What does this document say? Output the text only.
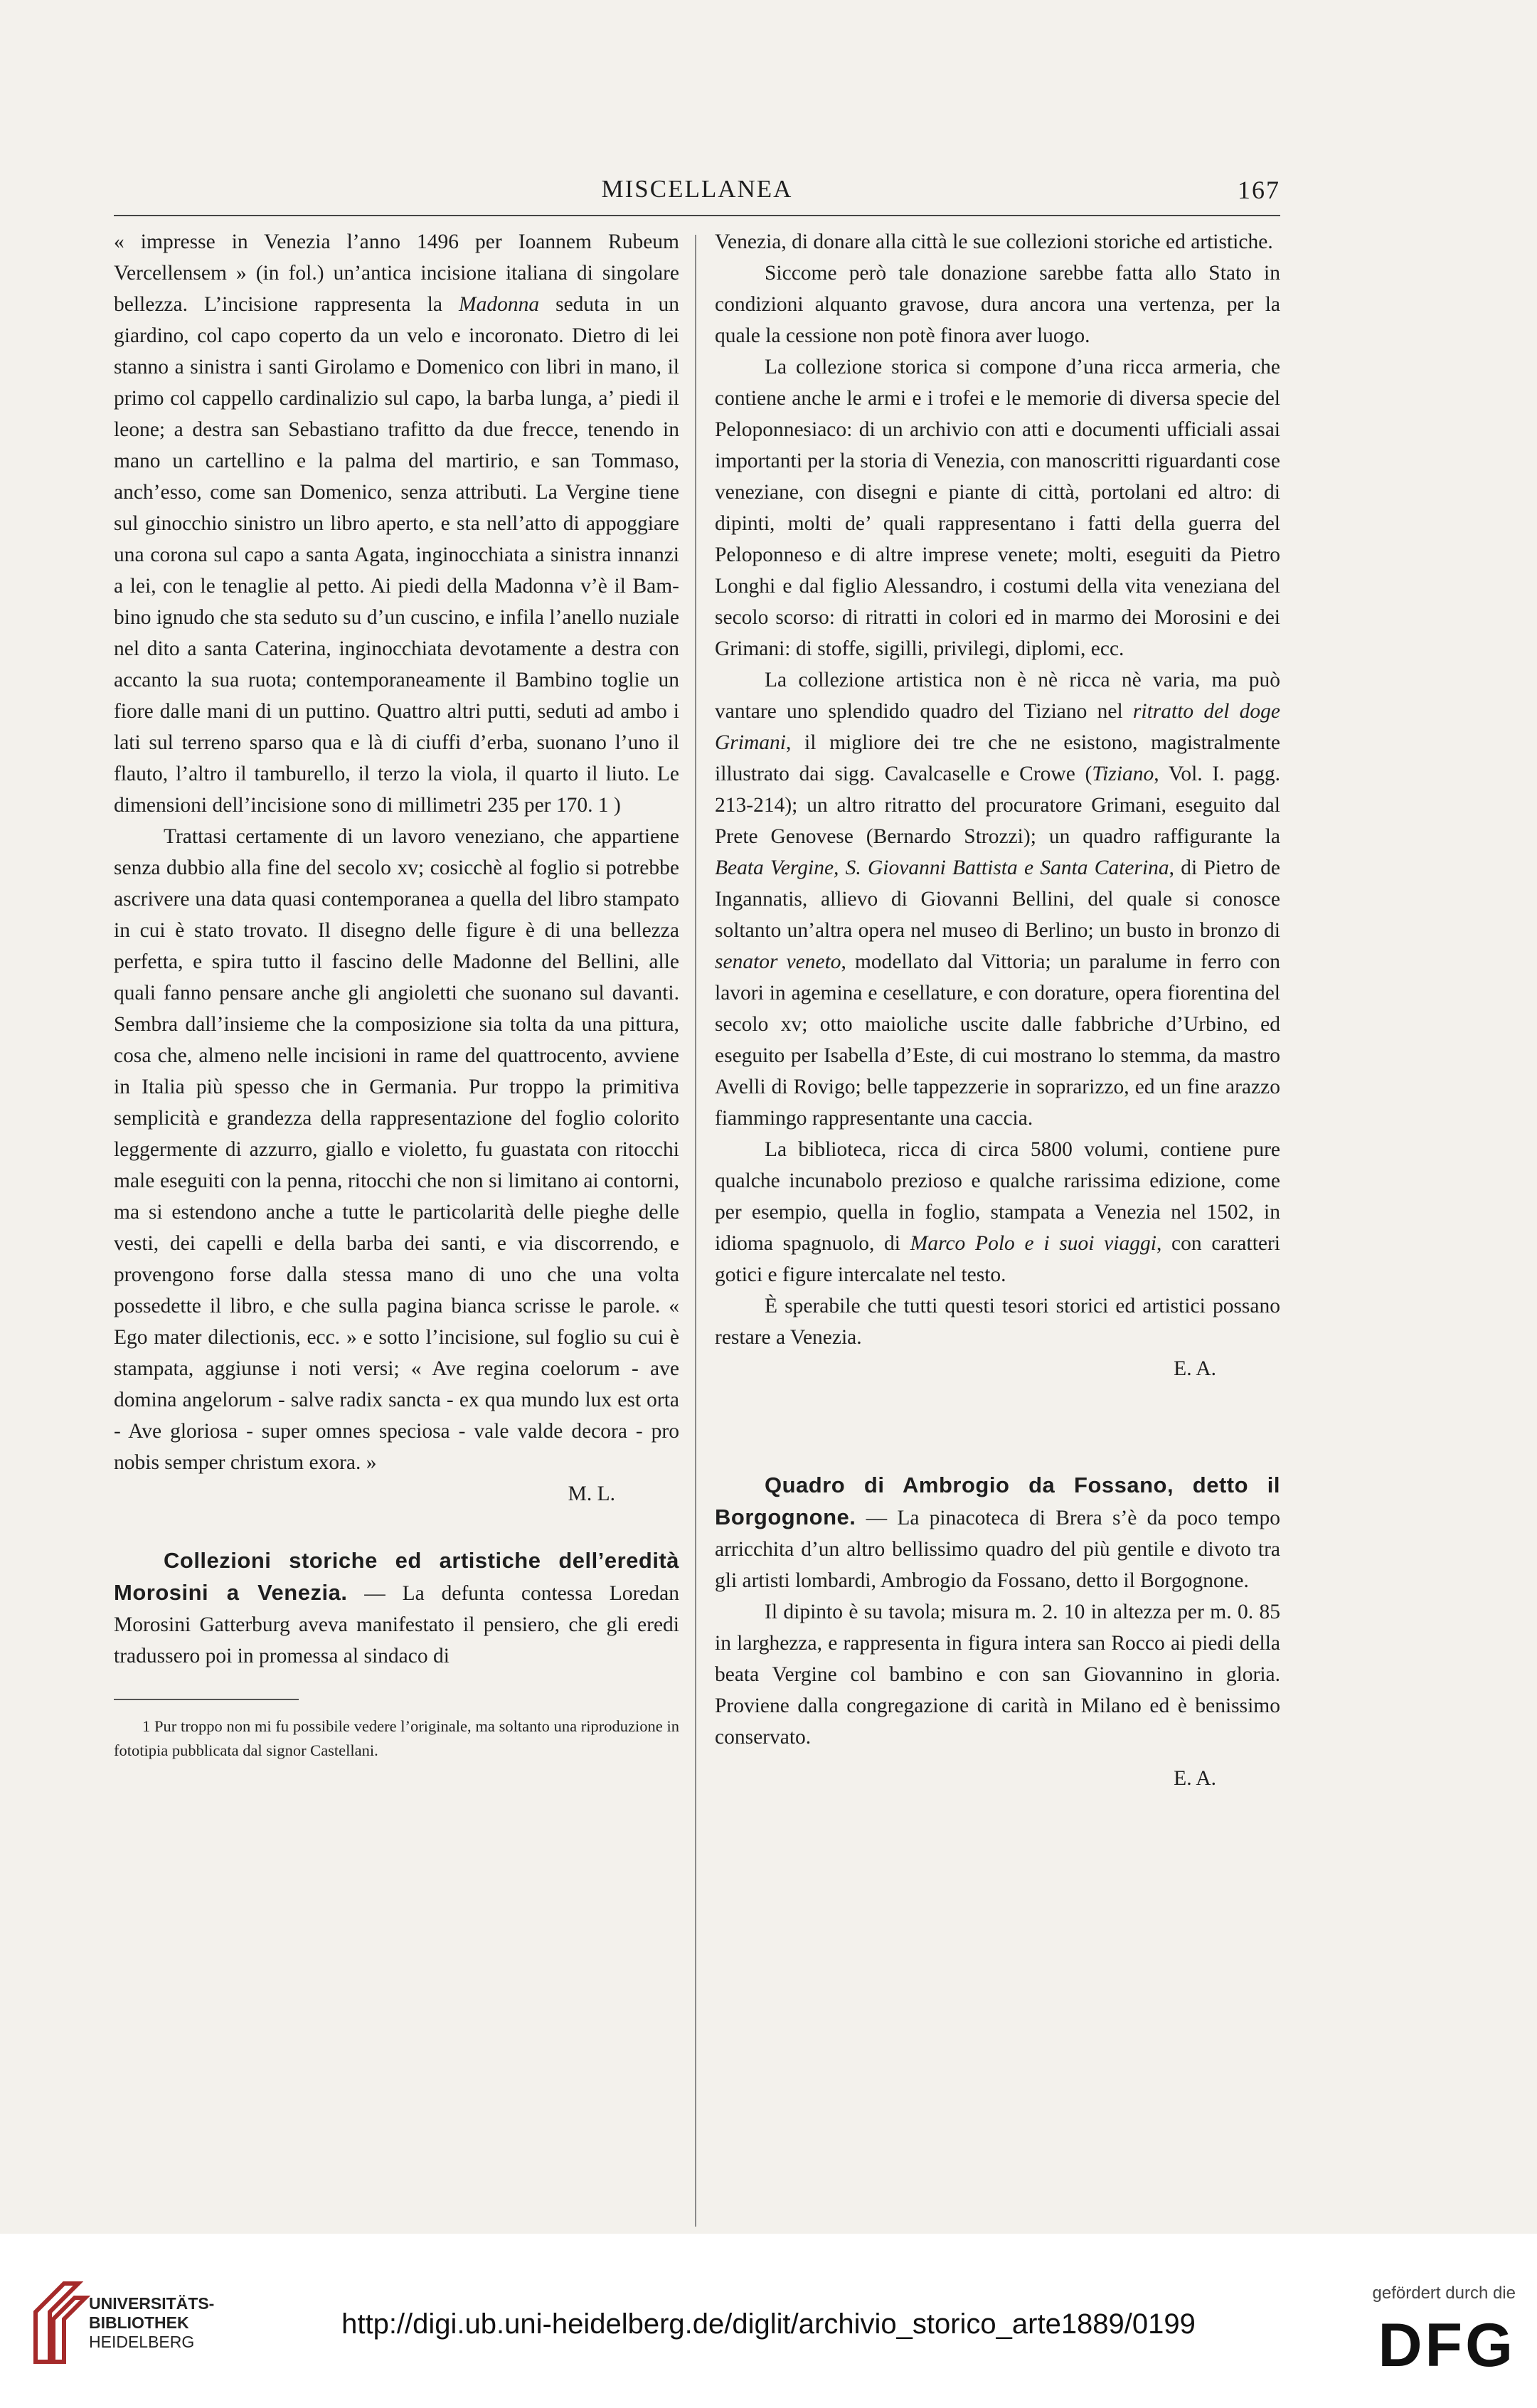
MISCELLANEA	167

« impresse in Venezia l’anno 1496 per Ioannem Rubeum Vercellensem » (in fol.) un’antica incisione italiana di singolare bellezza. L’incisione rappresenta la Madonna seduta in un giardino, col capo coperto da un velo e incoronato. Dietro di lei stanno a sinistra i santi Girolamo e Domenico con libri in mano, il primo col cappello cardinalizio sul capo, la barba lunga, a’ piedi il leone; a destra san Sebastiano trafitto da due frecce, tenendo in mano un cartellino e la palma del martirio, e san Tommaso, anch’esso, come san Domenico, senza attributi. La Vergine tiene sul ginocchio sinistro un libro aperto, e sta nell’atto di appoggiare una corona sul capo a santa Agata, inginocchiata a sinistra innanzi a lei, con le tenaglie al petto. Ai piedi della Madonna v’è il Bambino ignudo che sta seduto su d’un cuscino, e infila l’anello nuziale nel dito a santa Caterina, inginocchiata devotamente a destra con accanto la sua ruota; contemporaneamente il Bambino toglie un fiore dalle mani di un puttino. Quattro altri putti, seduti ad ambo i lati sul terreno sparso qua e là di ciuffi d’erba, suonano l’uno il flauto, l’altro il tamburello, il terzo la viola, il quarto il liuto. Le dimensioni dell’incisione sono di millimetri 235 per 170. 1 )

Trattasi certamente di un lavoro veneziano, che appartiene senza dubbio alla fine del secolo xv; cosicchè al foglio si potrebbe ascrivere una data quasi contemporanea a quella del libro stampato in cui è stato trovato. Il disegno delle figure è di una bellezza perfetta, e spira tutto il fascino delle Madonne del Bellini, alle quali fanno pensare anche gli angioletti che suonano sul davanti. Sembra dall’insieme che la composizione sia tolta da una pittura, cosa che, almeno nelle incisioni in rame del quattrocento, avviene in Italia più spesso che in Germania. Pur troppo la primitiva semplicità e grandezza della rappresentazione del foglio colorito leggermente di azzurro, giallo e violetto, fu guastata con ritocchi male eseguiti con la penna, ritocchi che non si limitano ai contorni, ma si estendono anche a tutte le particolarità delle pieghe delle vesti, dei capelli e della barba dei santi, e via discorrendo, e provengono forse dalla stessa mano di uno che una volta possedette il libro, e che sulla pagina bianca scrisse le parole. « Ego mater dilectionis, ecc. » e sotto l’incisione, sul foglio su cui è stampata, aggiunse i noti versi; « Ave regina coelorum - ave domina angelorum - salve radix sancta - ex qua mundo lux est orta - Ave gloriosa - super omnes speciosa - vale valde decora - pro nobis semper christum exora. »

M. L.

Collezioni storiche ed artistiche dell’eredità Morosini a Venezia. — La defunta contessa Loredan Morosini Gatterburg aveva manifestato il pensiero, che gli eredi tradussero poi in promessa al sindaco di

1 Pur troppo non mi fu possibile vedere l’originale, ma soltanto una riproduzione in fototipia pubblicata dal signor Castellani.

Venezia, di donare alla città le sue collezioni storiche ed artistiche.

Siccome però tale donazione sarebbe fatta allo Stato in condizioni alquanto gravose, dura ancora una vertenza, per la quale la cessione non potè finora aver luogo.

La collezione storica si compone d’una ricca armeria, che contiene anche le armi e i trofei e le memorie di diversa specie del Peloponnesiaco: di un archivio con atti e documenti ufficiali assai importanti per la storia di Venezia, con manoscritti riguardanti cose veneziane, con disegni e piante di città, portolani ed altro: di dipinti, molti de’ quali rappresentano i fatti della guerra del Peloponneso e di altre imprese venete; molti, eseguiti da Pietro Longhi e dal figlio Alessandro, i costumi della vita veneziana del secolo scorso: di ritratti in colori ed in marmo dei Morosini e dei Grimani: di stoffe, sigilli, privilegi, diplomi, ecc.

La collezione artistica non è nè ricca nè varia, ma può vantare uno splendido quadro del Tiziano nel ritratto del doge Grimani, il migliore dei tre che ne esistono, magistralmente illustrato dai sigg. Cavalcaselle e Crowe (Tiziano, Vol. I. pagg. 213-214); un altro ritratto del procuratore Grimani, eseguito dal Prete Genovese (Bernardo Strozzi); un quadro raffigurante la Beata Vergine, S. Giovanni Battista e Santa Caterina, di Pietro de Ingannatis, allievo di Giovanni Bellini, del quale si conosce soltanto un’altra opera nel museo di Berlino; un busto in bronzo di senator veneto, modellato dal Vittoria; un paralume in ferro con lavori in agemina e cesellature, e con dorature, opera fiorentina del secolo xv; otto maioliche uscite dalle fabbriche d’Urbino, ed eseguito per Isabella d’Este, di cui mostrano lo stemma, da mastro Avelli di Rovigo; belle tappezzerie in soprarizzo, ed un fine arazzo fiammingo rappresentante una caccia.

La biblioteca, ricca di circa 5800 volumi, contiene pure qualche incunabolo prezioso e qualche rarissima edizione, come per esempio, quella in foglio, stampata a Venezia nel 1502, in idioma spagnuolo, di Marco Polo e i suoi viaggi, con caratteri gotici e figure intercalate nel testo.

È sperabile che tutti questi tesori storici ed artistici possano restare a Venezia.

E. A.

Quadro di Ambrogio da Fossano, detto il Borgognone. — La pinacoteca di Brera s’è da poco tempo arricchita d’un altro bellissimo quadro del più gentile e divoto tra gli artisti lombardi, Ambrogio da Fossano, detto il Borgognone.

Il dipinto è su tavola; misura m. 2. 10 in altezza per m. 0. 85 in larghezza, e rappresenta in figura intera san Rocco ai piedi della beata Vergine col bambino e con san Giovannino in gloria. Proviene dalla congregazione di carità in Milano ed è benissimo conservato.

E. A.

UNIVERSITÄTS-
BIBLIOTHEK
HEIDELBERG
http://digi.ub.uni-heidelberg.de/diglit/archivio_storico_arte1889/0199
gefördert durch die
DFG
